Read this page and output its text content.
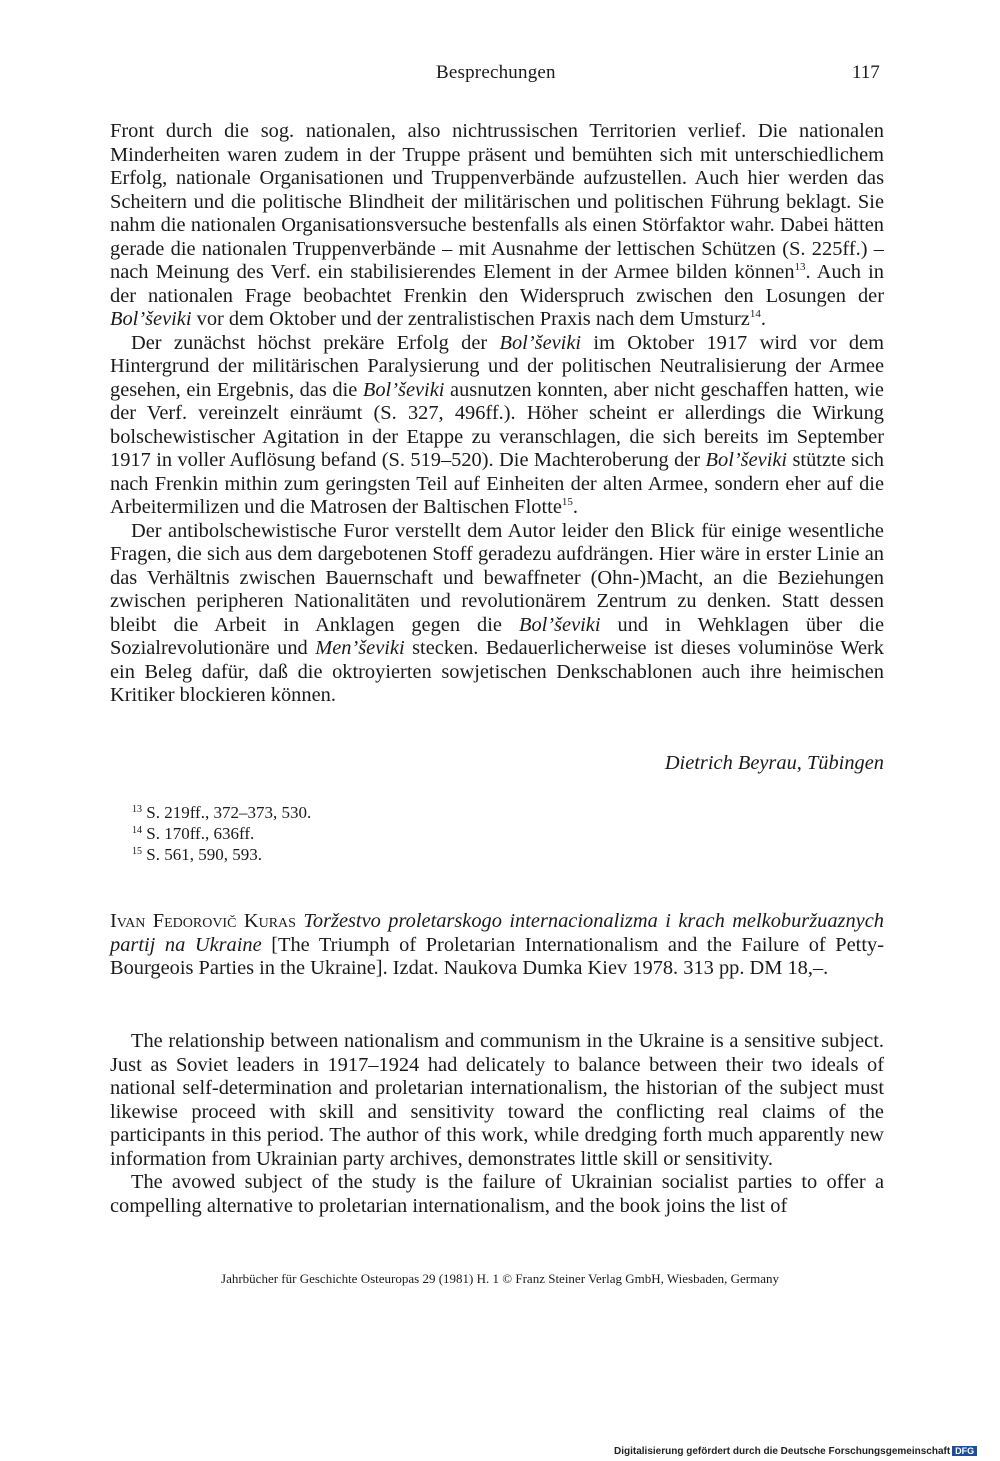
Besprechungen	117

Front durch die sog. nationalen, also nichtrussischen Territorien verlief. Die nationalen Minderheiten waren zudem in der Truppe präsent und bemühten sich mit unterschiedlichem Erfolg, nationale Organisationen und Truppenverbände aufzustellen. Auch hier werden das Scheitern und die politische Blindheit der militärischen und politischen Führung beklagt. Sie nahm die nationalen Organisationsversuche bestenfalls als einen Störfaktor wahr. Dabei hätten gerade die nationalen Truppenverbände – mit Ausnahme der lettischen Schützen (S. 225ff.) – nach Meinung des Verf. ein stabilisierendes Element in der Armee bilden können$^{13}$. Auch in der nationalen Frage beobachtet Frenkin den Widerspruch zwischen den Losungen der Bol’ševiki vor dem Oktober und der zentralistischen Praxis nach dem Umsturz$^{14}$.

Der zunächst höchst prekäre Erfolg der Bol’ševiki im Oktober 1917 wird vor dem Hintergrund der militärischen Paralysierung und der politischen Neutralisierung der Armee gesehen, ein Ergebnis, das die Bol’ševiki ausnutzen konnten, aber nicht geschaffen hatten, wie der Verf. vereinzelt einräumt (S. 327, 496ff.). Höher scheint er allerdings die Wirkung bolschewistischer Agitation in der Etappe zu veranschlagen, die sich bereits im September 1917 in voller Auflösung befand (S. 519–520). Die Machteroberung der Bol’ševiki stützte sich nach Frenkin mithin zum geringsten Teil auf Einheiten der alten Armee, sondern eher auf die Arbeitermilizen und die Matrosen der Baltischen Flotte$^{15}$.

Der antibolschewistische Furor verstellt dem Autor leider den Blick für einige wesentliche Fragen, die sich aus dem dargebotenen Stoff geradezu aufdrängen. Hier wäre in erster Linie an das Verhältnis zwischen Bauernschaft und bewaffneter (Ohn-)Macht, an die Beziehungen zwischen peripheren Nationalitäten und revolutionärem Zentrum zu denken. Statt dessen bleibt die Arbeit in Anklagen gegen die Bol’ševiki und in Wehklagen über die Sozialrevolutionäre und Men’ševiki stecken. Bedauerlicherweise ist dieses voluminöse Werk ein Beleg dafür, daß die oktroyierten sowjetischen Denkschablonen auch ihre heimischen Kritiker blockieren können.

Dietrich Beyrau, Tübingen
$^{13}$ S. 219ff., 372–373, 530.
$^{14}$ S. 170ff., 636ff.
$^{15}$ S. 561, 590, 593.
Ivan Fedorovič Kuras Toržestvo proletarskogo internacionalizma i krach melkoburžuaznych partij na Ukraine [The Triumph of Proletarian Internationalism and the Failure of Petty-Bourgeois Parties in the Ukraine]. Izdat. Naukova Dumka Kiev 1978. 313 pp. DM 18,–.

The relationship between nationalism and communism in the Ukraine is a sensitive subject. Just as Soviet leaders in 1917–1924 had delicately to balance between their two ideals of national self-determination and proletarian internationalism, the historian of the subject must likewise proceed with skill and sensitivity toward the conflicting real claims of the participants in this period. The author of this work, while dredging forth much apparently new information from Ukrainian party archives, demonstrates little skill or sensitivity.

The avowed subject of the study is the failure of Ukrainian socialist parties to offer a compelling alternative to proletarian internationalism, and the book joins the list of

Jahrbücher für Geschichte Osteuropas 29 (1981) H. 1 © Franz Steiner Verlag GmbH, Wiesbaden, Germany
Digitalisierung gefördert durch die Deutsche Forschungsgemeinschaft DFG
